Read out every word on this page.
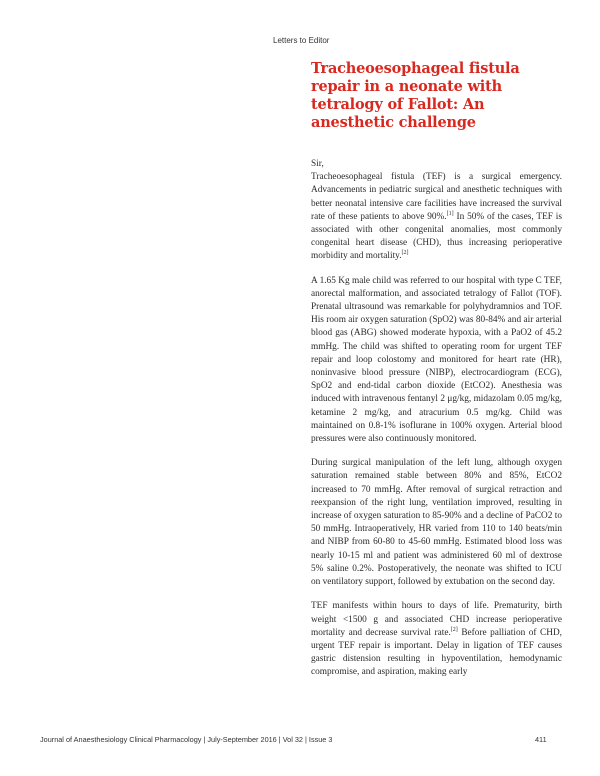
Letters to Editor
Tracheoesophageal fistula repair in a neonate with tetralogy of Fallot: An anesthetic challenge
Sir,

Tracheoesophageal fistula (TEF) is a surgical emergency. Advancements in pediatric surgical and anesthetic techniques with better neonatal intensive care facilities have increased the survival rate of these patients to above 90%.[1] In 50% of the cases, TEF is associated with other congenital anomalies, most commonly congenital heart disease (CHD), thus increasing perioperative morbidity and mortality.[2]

A 1.65 Kg male child was referred to our hospital with type C TEF, anorectal malformation, and associated tetralogy of Fallot (TOF). Prenatal ultrasound was remarkable for polyhydramnios and TOF. His room air oxygen saturation (SpO2) was 80-84% and air arterial blood gas (ABG) showed moderate hypoxia, with a PaO2 of 45.2 mmHg. The child was shifted to operating room for urgent TEF repair and loop colostomy and monitored for heart rate (HR), noninvasive blood pressure (NIBP), electrocardiogram (ECG), SpO2 and end-tidal carbon dioxide (EtCO2). Anesthesia was induced with intravenous fentanyl 2 μg/kg, midazolam 0.05 mg/kg, ketamine 2 mg/kg, and atracurium 0.5 mg/kg. Child was maintained on 0.8-1% isoflurane in 100% oxygen. Arterial blood pressures were also continuously monitored.

During surgical manipulation of the left lung, although oxygen saturation remained stable between 80% and 85%, EtCO2 increased to 70 mmHg. After removal of surgical retraction and reexpansion of the right lung, ventilation improved, resulting in increase of oxygen saturation to 85-90% and a decline of PaCO2 to 50 mmHg. Intraoperatively, HR varied from 110 to 140 beats/min and NIBP from 60-80 to 45-60 mmHg. Estimated blood loss was nearly 10-15 ml and patient was administered 60 ml of dextrose 5% saline 0.2%. Postoperatively, the neonate was shifted to ICU on ventilatory support, followed by extubation on the second day.

TEF manifests within hours to days of life. Prematurity, birth weight <1500 g and associated CHD increase perioperative mortality and decrease survival rate.[2] Before palliation of CHD, urgent TEF repair is important. Delay in ligation of TEF causes gastric distension resulting in hypoventilation, hemodynamic compromise, and aspiration, making early

Journal of Anaesthesiology Clinical Pharmacology | July-September 2016 | Vol 32 | Issue 3	411
